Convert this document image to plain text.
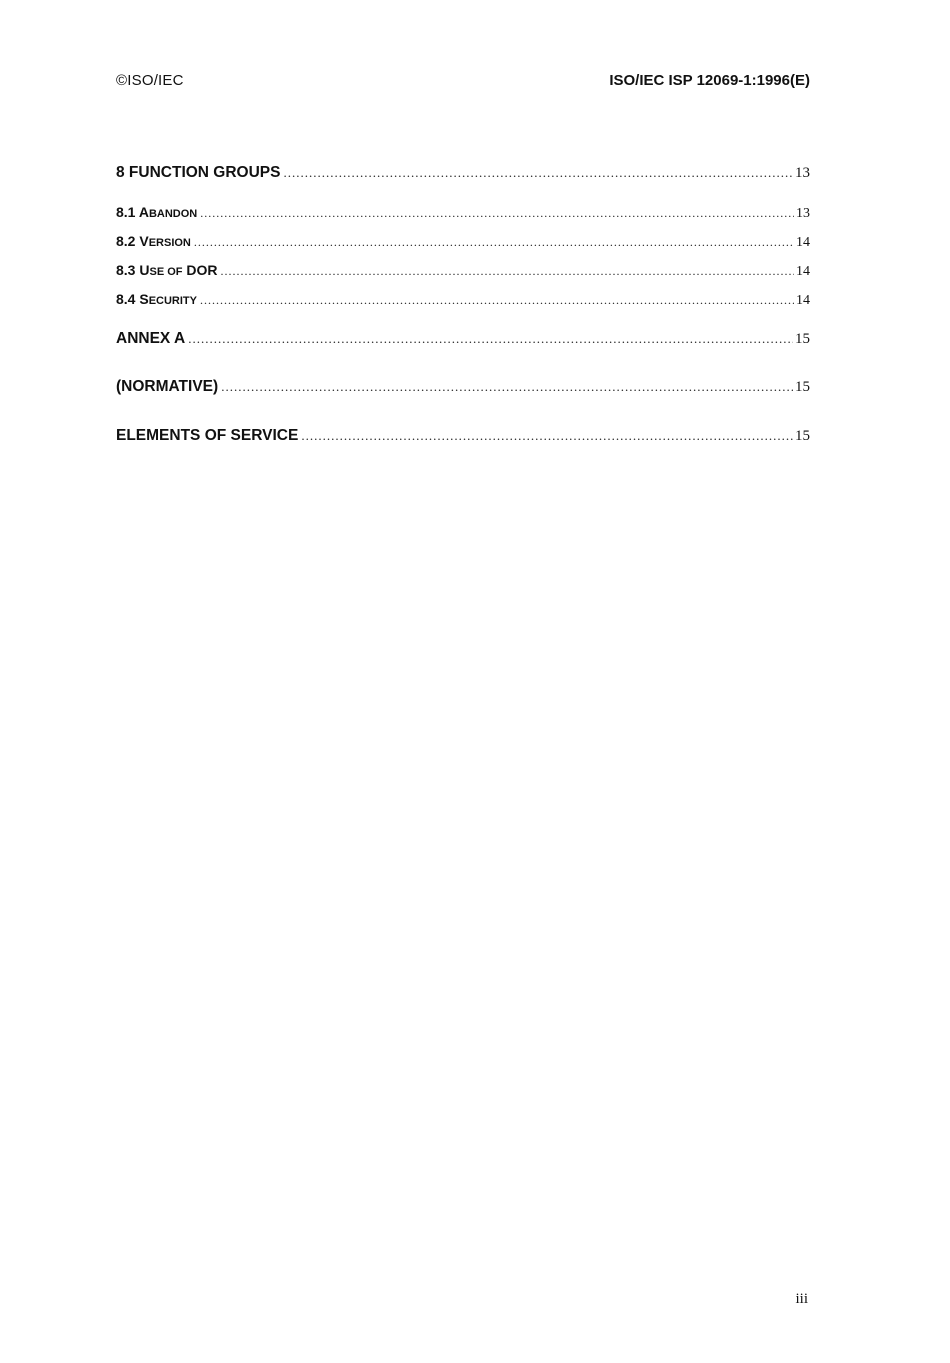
©ISO/IEC	ISO/IEC ISP 12069-1:1996(E)
8 FUNCTION GROUPS .....	13
8.1 ABANDON .....	13
8.2 VERSION .....	14
8.3 USE OF DOR .....	14
8.4 SECURITY .....	14
ANNEX A .....	15
(NORMATIVE) .....	15
ELEMENTS OF SERVICE .....	15
iii
